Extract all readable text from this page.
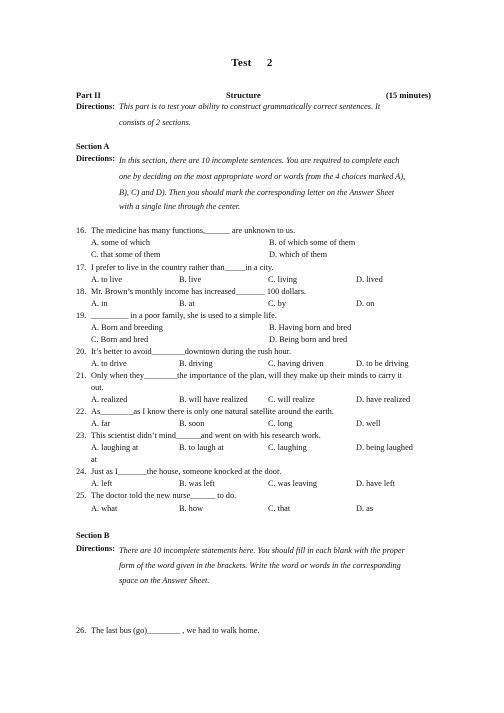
Test 2
Part II	Structure	(15 minutes)
Directions: This part is to test your ability to construct grammatically correct sentences. It
consists of 2 sections.
Section A
Directions: In this section, there are 10 incomplete sentences. You are required to complete each
one by deciding on the most appropriate word or words from the 4 choices marked A),
B), C) and D). Then you should mark the corresponding letter on the Answer Sheet
with a single line through the center.
16. The medicine has many functions,______ are unknown to us.
A. some of which	B. of which some of them
C. that some of them	D. which of them
17. I prefer to live in the country rather than_____in a city.
A. to live	B. live	C. living	D. lived
18. Mr. Brown’s monthly income has increased_______ 100 dollars.
A. in	B. at	C. by	D. on
19. _________ in a poor family, she is used to a simple life.
A. Born and breeding	B. Having born and bred
C. Born and bred	D. Being born and bred
20. It’s better to avoid________downtown during the rush hour.
A. to drive	B. driving	C. having driven	D. to be driving
21. Only when they________the importance of the plan, will they make up their minds to carry it
out.
A. realized	B. will have realized	C. will realize	D. have realized
22. As________as I know there is only one natural satellite around the earth.
A. far	B. soon	C. long	D. well
23. This scientist didn’t mind______and went on with his research work.
A. laughing at	B. to laugh at	C. laughing	D. being laughed
at
24. Just as I_______the house, someone knocked at the door.
A. left	B. was left	C. was leaving	D. have left
25. The doctor told the new nurse______ to do.
A. what	B. how	C. that	D. as
Section B
Directions: There are 10 incomplete statements here. You should fill in each blank with the proper
form of the word given in the brackets. Write the word or words in the corresponding
space on the Answer Sheet.
26. The last bus (go)________ , we had to walk home.
